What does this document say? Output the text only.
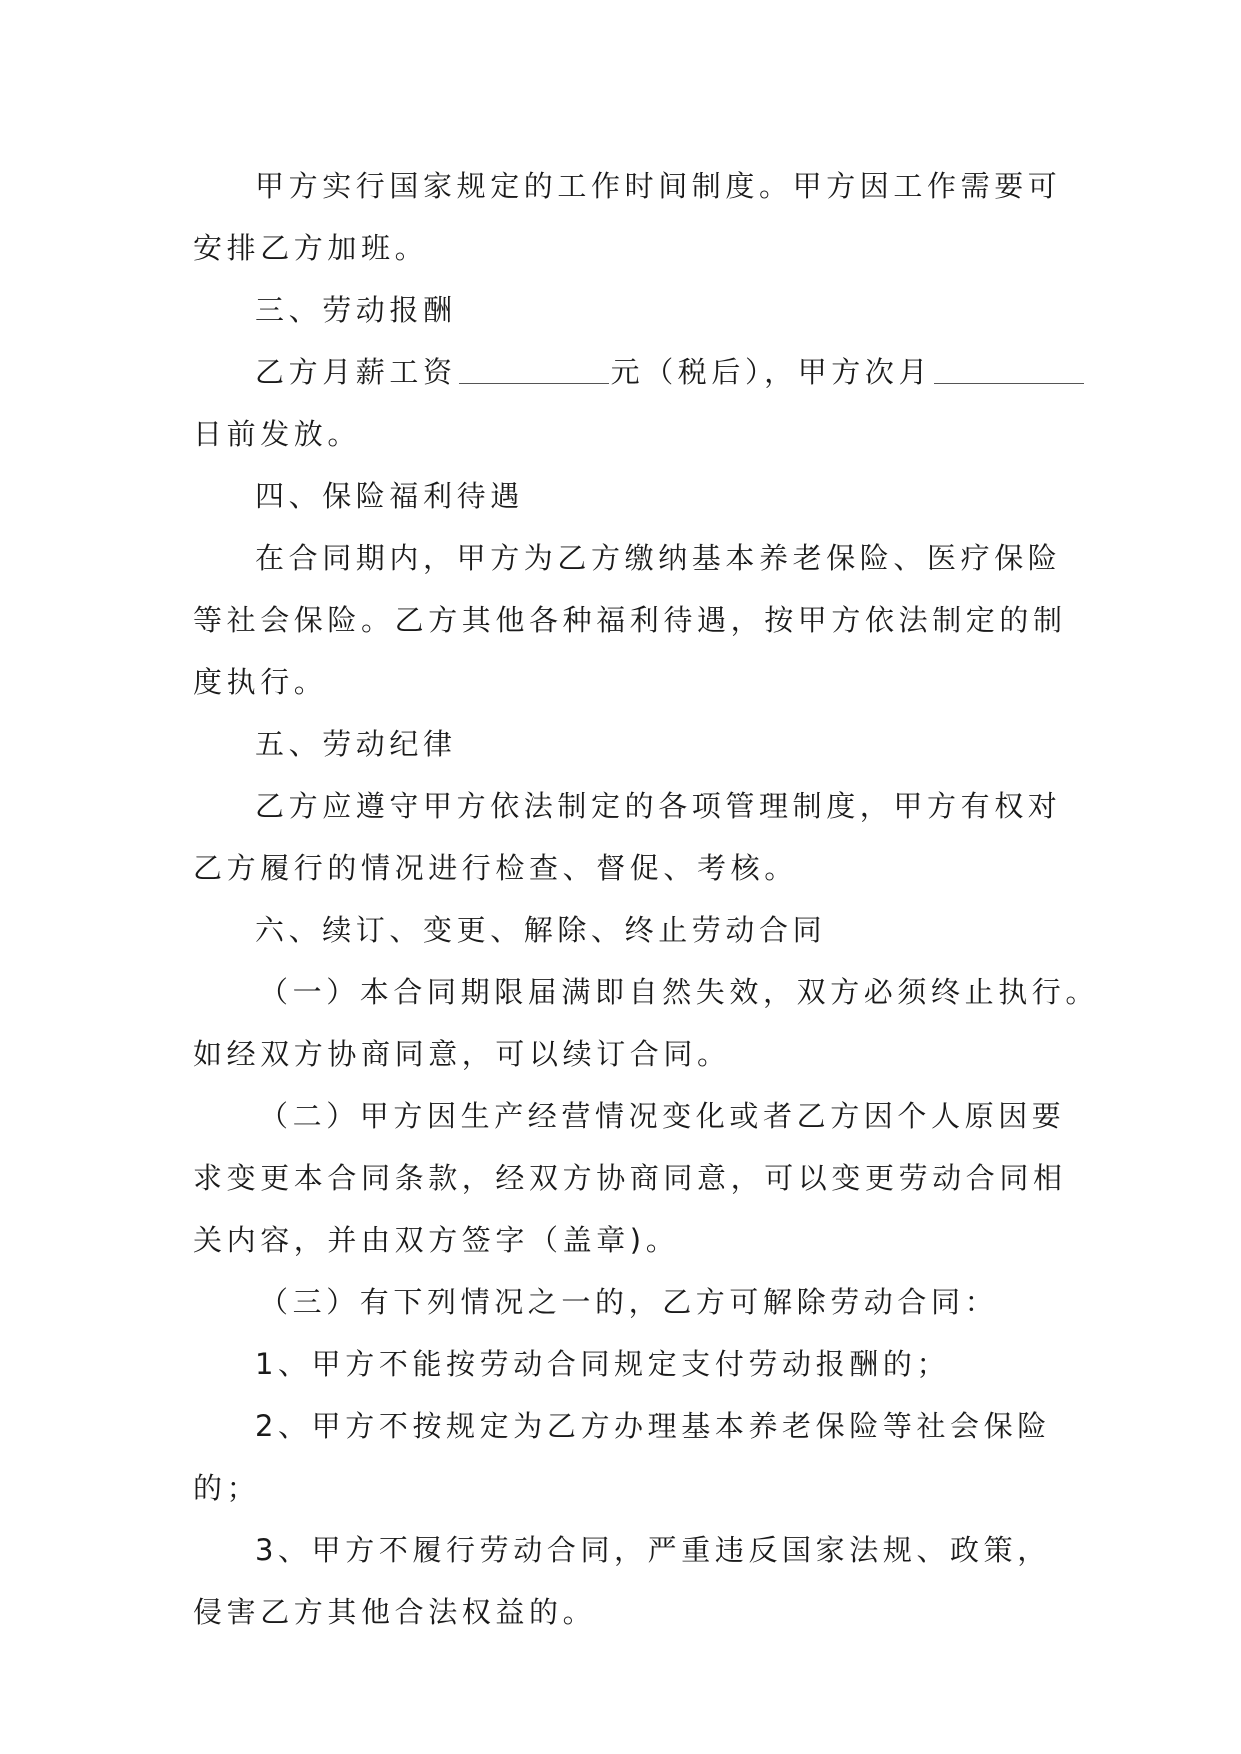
甲方实行国家规定的工作时间制度。甲方因工作需要可
安排乙方加班。
三、劳动报酬
乙方月薪工资	元（税后），甲方次月
日前发放。
四、保险福利待遇
在合同期内，甲方为乙方缴纳基本养老保险、医疗保险
等社会保险。乙方其他各种福利待遇，按甲方依法制定的制
度执行。
五、劳动纪律
乙方应遵守甲方依法制定的各项管理制度，甲方有权对
乙方履行的情况进行检查、督促、考核。
六、续订、变更、解除、终止劳动合同
（一）本合同期限届满即自然失效，双方必须终止执行。
如经双方协商同意，可以续订合同。
（二）甲方因生产经营情况变化或者乙方因个人原因要
求变更本合同条款，经双方协商同意，可以变更劳动合同相
关内容，并由双方签字（盖章)。
（三）有下列情况之一的，乙方可解除劳动合同：
1、甲方不能按劳动合同规定支付劳动报酬的；
2、甲方不按规定为乙方办理基本养老保险等社会保险
的；
3、甲方不履行劳动合同，严重违反国家法规、政策，
侵害乙方其他合法权益的。
